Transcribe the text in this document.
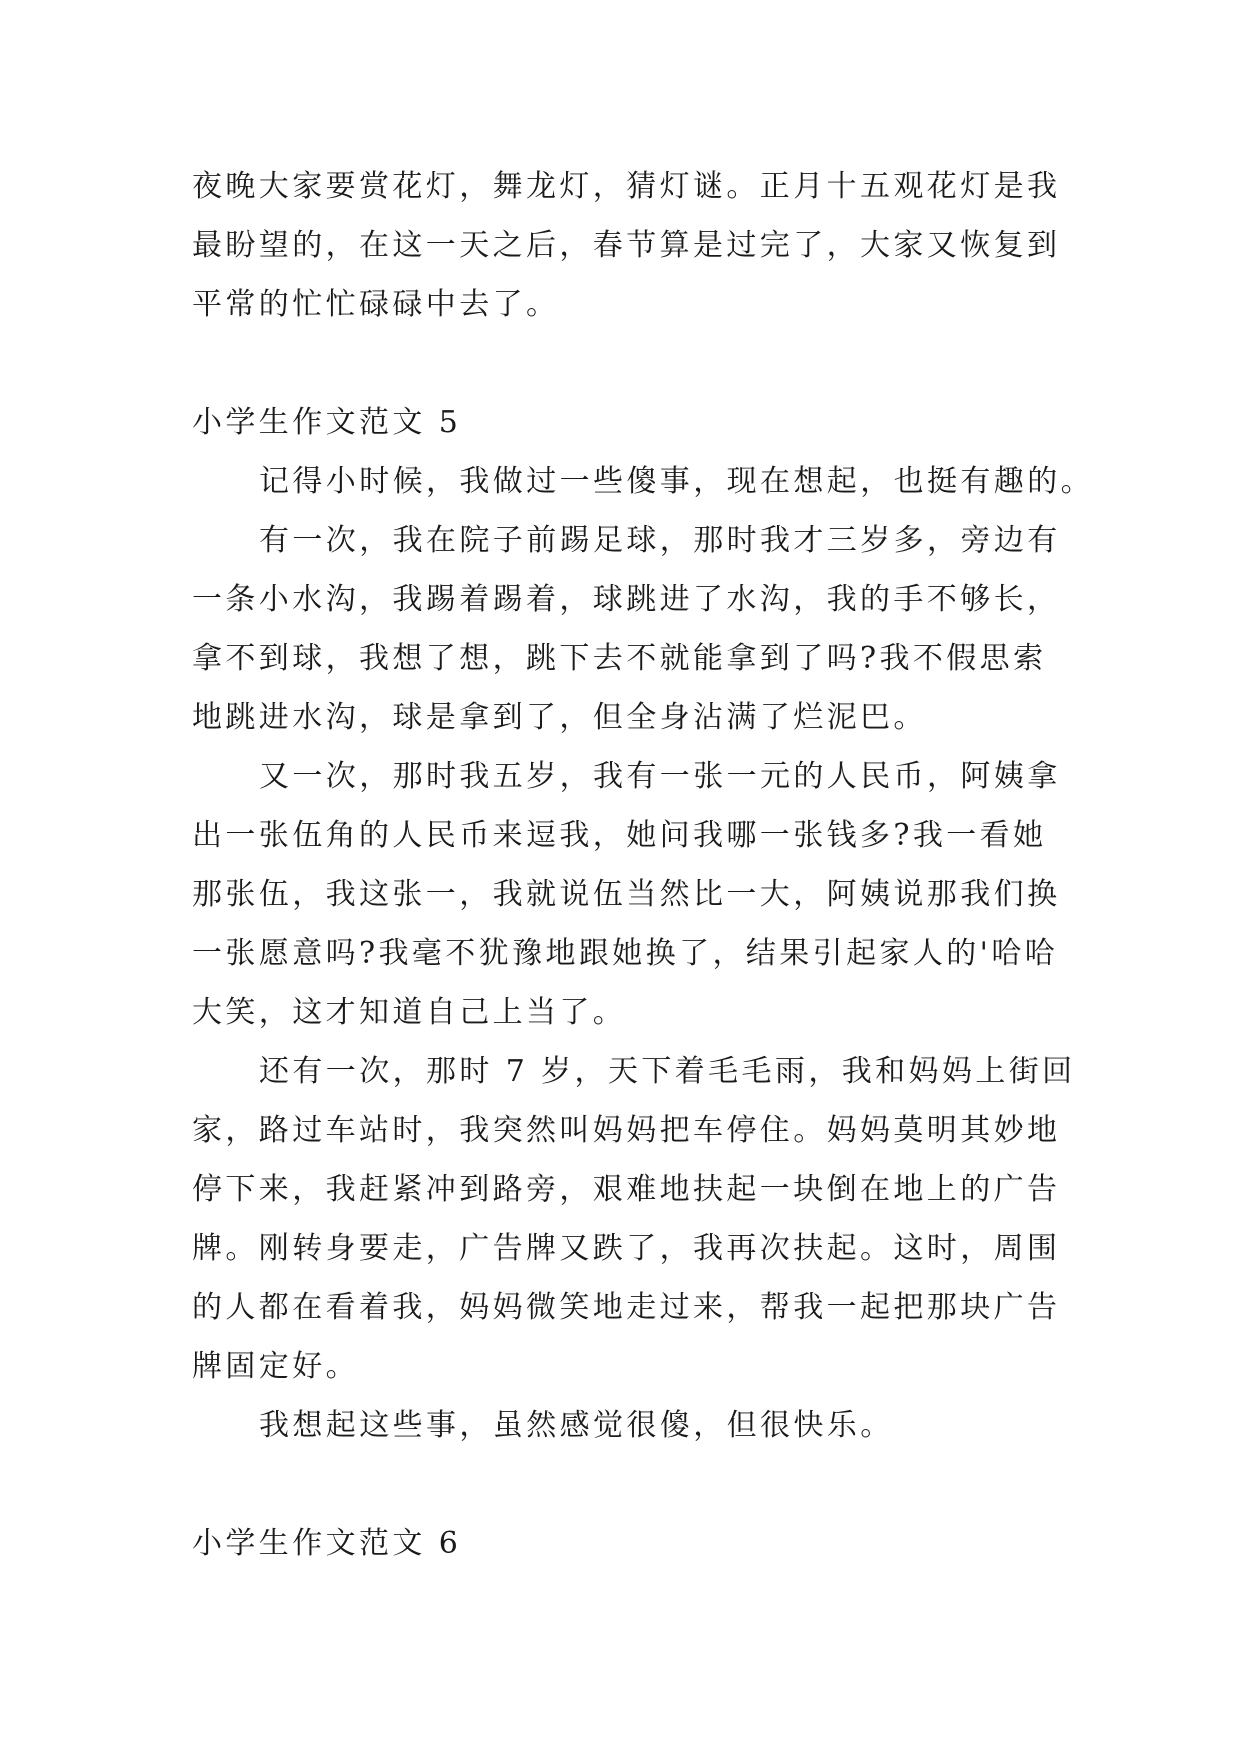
夜晚大家要赏花灯，舞龙灯，猜灯谜。正月十五观花灯是我
最盼望的，在这一天之后，春节算是过完了，大家又恢复到
平常的忙忙碌碌中去了。
小学生作文范文 5
记得小时候，我做过一些傻事，现在想起，也挺有趣的。
有一次，我在院子前踢足球，那时我才三岁多，旁边有
一条小水沟，我踢着踢着，球跳进了水沟，我的手不够长，
拿不到球，我想了想，跳下去不就能拿到了吗?我不假思索
地跳进水沟，球是拿到了，但全身沾满了烂泥巴。
又一次，那时我五岁，我有一张一元的人民币，阿姨拿
出一张伍角的人民币来逗我，她问我哪一张钱多?我一看她
那张伍，我这张一，我就说伍当然比一大，阿姨说那我们换
一张愿意吗?我毫不犹豫地跟她换了，结果引起家人的'哈哈
大笑，这才知道自己上当了。
还有一次，那时 7 岁，天下着毛毛雨，我和妈妈上街回
家，路过车站时，我突然叫妈妈把车停住。妈妈莫明其妙地
停下来，我赶紧冲到路旁，艰难地扶起一块倒在地上的广告
牌。刚转身要走，广告牌又跌了，我再次扶起。这时，周围
的人都在看着我，妈妈微笑地走过来，帮我一起把那块广告
牌固定好。
我想起这些事，虽然感觉很傻，但很快乐。
小学生作文范文 6
